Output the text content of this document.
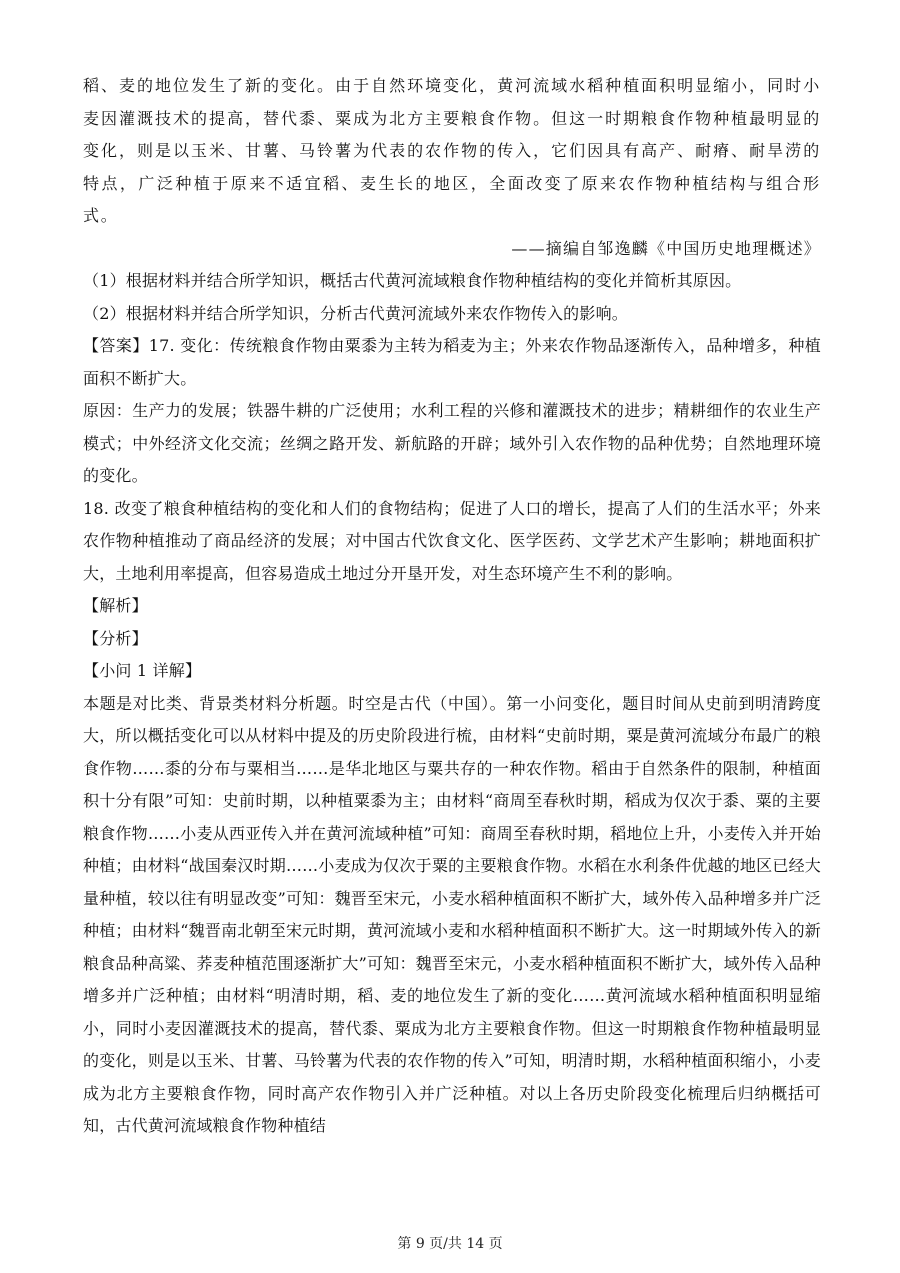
稻、麦的地位发生了新的变化。由于自然环境变化，黄河流域水稻种植面积明显缩小，同时小麦因灌溉技术的提高，替代黍、粟成为北方主要粮食作物。但这一时期粮食作物种植最明显的变化，则是以玉米、甘薯、马铃薯为代表的农作物的传入，它们因具有高产、耐瘠、耐旱涝的特点，广泛种植于原来不适宜稻、麦生长的地区，全面改变了原来农作物种植结构与组合形式。

——摘编自邹逸麟《中国历史地理概述》

（1）根据材料并结合所学知识，概括古代黄河流域粮食作物种植结构的变化并简析其原因。

（2）根据材料并结合所学知识，分析古代黄河流域外来农作物传入的影响。

【答案】17. 变化：传统粮食作物由粟黍为主转为稻麦为主；外来农作物品逐渐传入，品种增多，种植面积不断扩大。

原因：生产力的发展；铁器牛耕的广泛使用；水利工程的兴修和灌溉技术的进步；精耕细作的农业生产模式；中外经济文化交流；丝绸之路开发、新航路的开辟；域外引入农作物的品种优势；自然地理环境的变化。

18. 改变了粮食种植结构的变化和人们的食物结构；促进了人口的增长，提高了人们的生活水平；外来农作物种植推动了商品经济的发展；对中国古代饮食文化、医学医药、文学艺术产生影响；耕地面积扩大，土地利用率提高，但容易造成土地过分开垦开发，对生态环境产生不利的影响。

【解析】

【分析】

【小问 1 详解】

本题是对比类、背景类材料分析题。时空是古代（中国）。第一小问变化，题目时间从史前到明清跨度大，所以概括变化可以从材料中提及的历史阶段进行梳，由材料“史前时期，粟是黄河流域分布最广的粮食作物……黍的分布与粟相当……是华北地区与粟共存的一种农作物。稻由于自然条件的限制，种植面积十分有限”可知：史前时期，以种植粟黍为主；由材料“商周至春秋时期，稻成为仅次于黍、粟的主要粮食作物……小麦从西亚传入并在黄河流域种植”可知：商周至春秋时期，稻地位上升，小麦传入并开始种植；由材料“战国秦汉时期……小麦成为仅次于粟的主要粮食作物。水稻在水利条件优越的地区已经大量种植，较以往有明显改变”可知：魏晋至宋元，小麦水稻种植面积不断扩大，域外传入品种增多并广泛种植；由材料“魏晋南北朝至宋元时期，黄河流域小麦和水稻种植面积不断扩大。这一时期域外传入的新粮食品种高粱、荞麦种植范围逐渐扩大”可知：魏晋至宋元，小麦水稻种植面积不断扩大，域外传入品种增多并广泛种植；由材料“明清时期，稻、麦的地位发生了新的变化……黄河流域水稻种植面积明显缩小，同时小麦因灌溉技术的提高，替代黍、粟成为北方主要粮食作物。但这一时期粮食作物种植最明显的变化，则是以玉米、甘薯、马铃薯为代表的农作物的传入”可知，明清时期，水稻种植面积缩小，小麦成为北方主要粮食作物，同时高产农作物引入并广泛种植。对以上各历史阶段变化梳理后归纳概括可知，古代黄河流域粮食作物种植结

第 9 页/共 14 页
